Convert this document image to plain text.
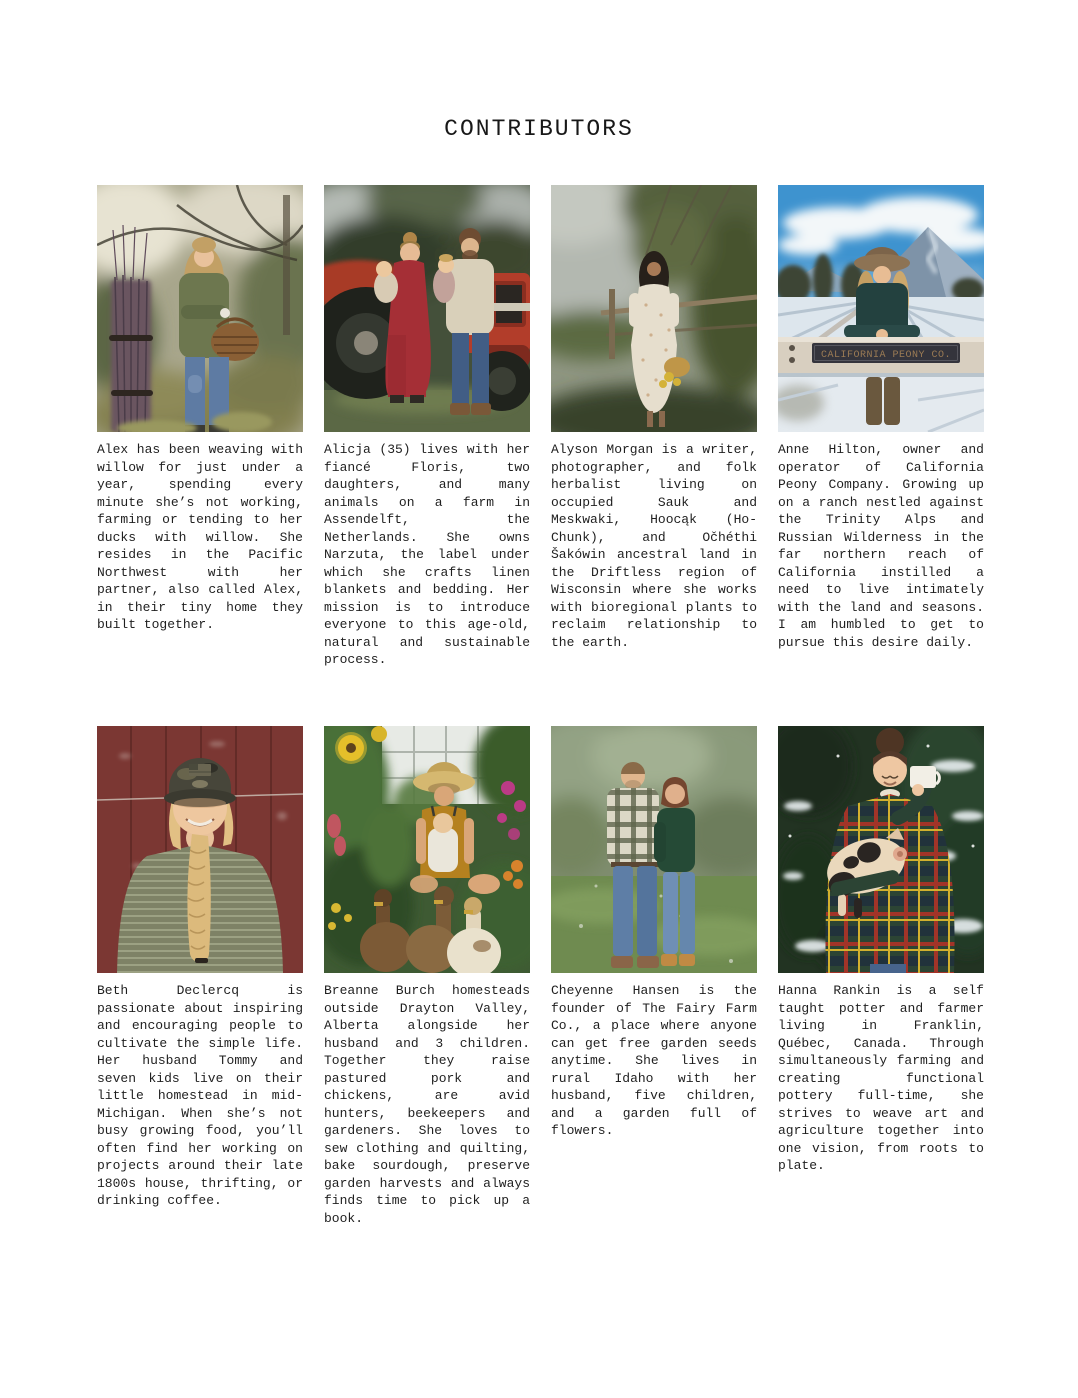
CONTRIBUTORS

Alex has been weaving with willow for just under a year, spending every minute she’s not working, farming or tending to her ducks with willow. She resides in the Pacific Northwest with her partner, also called Alex, in their tiny home they built together.

Alicja (35) lives with her fiancé Floris, two daughters, and many animals on a farm in Assendelft, the Netherlands. She owns Narzuta, the label under which she crafts linen blankets and bedding. Her mission is to introduce everyone to this age-old, natural and sustainable process.

Alyson Morgan is a writer, photographer, and folk herbalist living on occupied Sauk and Meskwaki, Hoocąk (Ho-Chunk), and Očhéthi Šakówin ancestral land in the Driftless region of Wisconsin where she works with bioregional plants to reclaim relationship to the earth.

CALIFORNIA PEONY CO.

Anne Hilton, owner and operator of California Peony Company. Growing up on a ranch nestled against the Trinity Alps and Russian Wilderness in the far northern reach of California instilled a need to live intimately with the land and seasons. I am humbled to get to pursue this desire daily.

Beth Declercq is passionate about inspiring and encouraging people to cultivate the simple life. Her husband Tommy and seven kids live on their little homestead in mid-Michigan. When she’s not busy growing food, you’ll often find her working on projects around their late 1800s house, thrifting, or drinking coffee.

Breanne Burch homesteads outside Drayton Valley, Alberta alongside her husband and 3 children. Together they raise pastured pork and chickens, are avid hunters, beekeepers and gardeners. She loves to sew clothing and quilting, bake sourdough, preserve garden harvests and always finds time to pick up a book.

Cheyenne Hansen is the founder of The Fairy Farm Co., a place where anyone can get free garden seeds anytime. She lives in rural Idaho with her husband, five children, and a garden full of flowers.

Hanna Rankin is a self taught potter and farmer living in Franklin, Québec, Canada. Through simultaneously farming and creating functional pottery full-time, she strives to weave art and agriculture together into one vision, from roots to plate.
